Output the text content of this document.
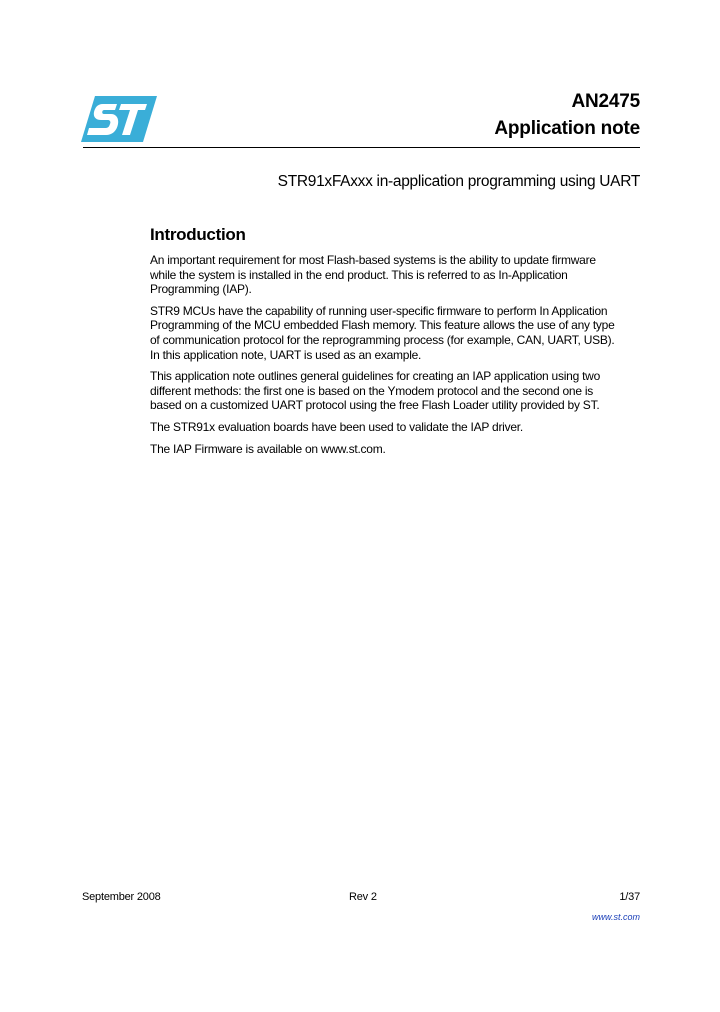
AN2475
Application note
STR91xFAxxx in-application programming using UART
Introduction

An important requirement for most Flash-based systems is the ability to update firmware
while the system is installed in the end product. This is referred to as In-Application
Programming (IAP).

STR9 MCUs have the capability of running user-specific firmware to perform In Application
Programming of the MCU embedded Flash memory. This feature allows the use of any type
of communication protocol for the reprogramming process (for example, CAN, UART, USB).
In this application note, UART is used as an example.

This application note outlines general guidelines for creating an IAP application using two
different methods: the first one is based on the Ymodem protocol and the second one is
based on a customized UART protocol using the free Flash Loader utility provided by ST.

The STR91x evaluation boards have been used to validate the IAP driver.

The IAP Firmware is available on www.st.com.

September 2008	Rev 2	1/37
www.st.com
